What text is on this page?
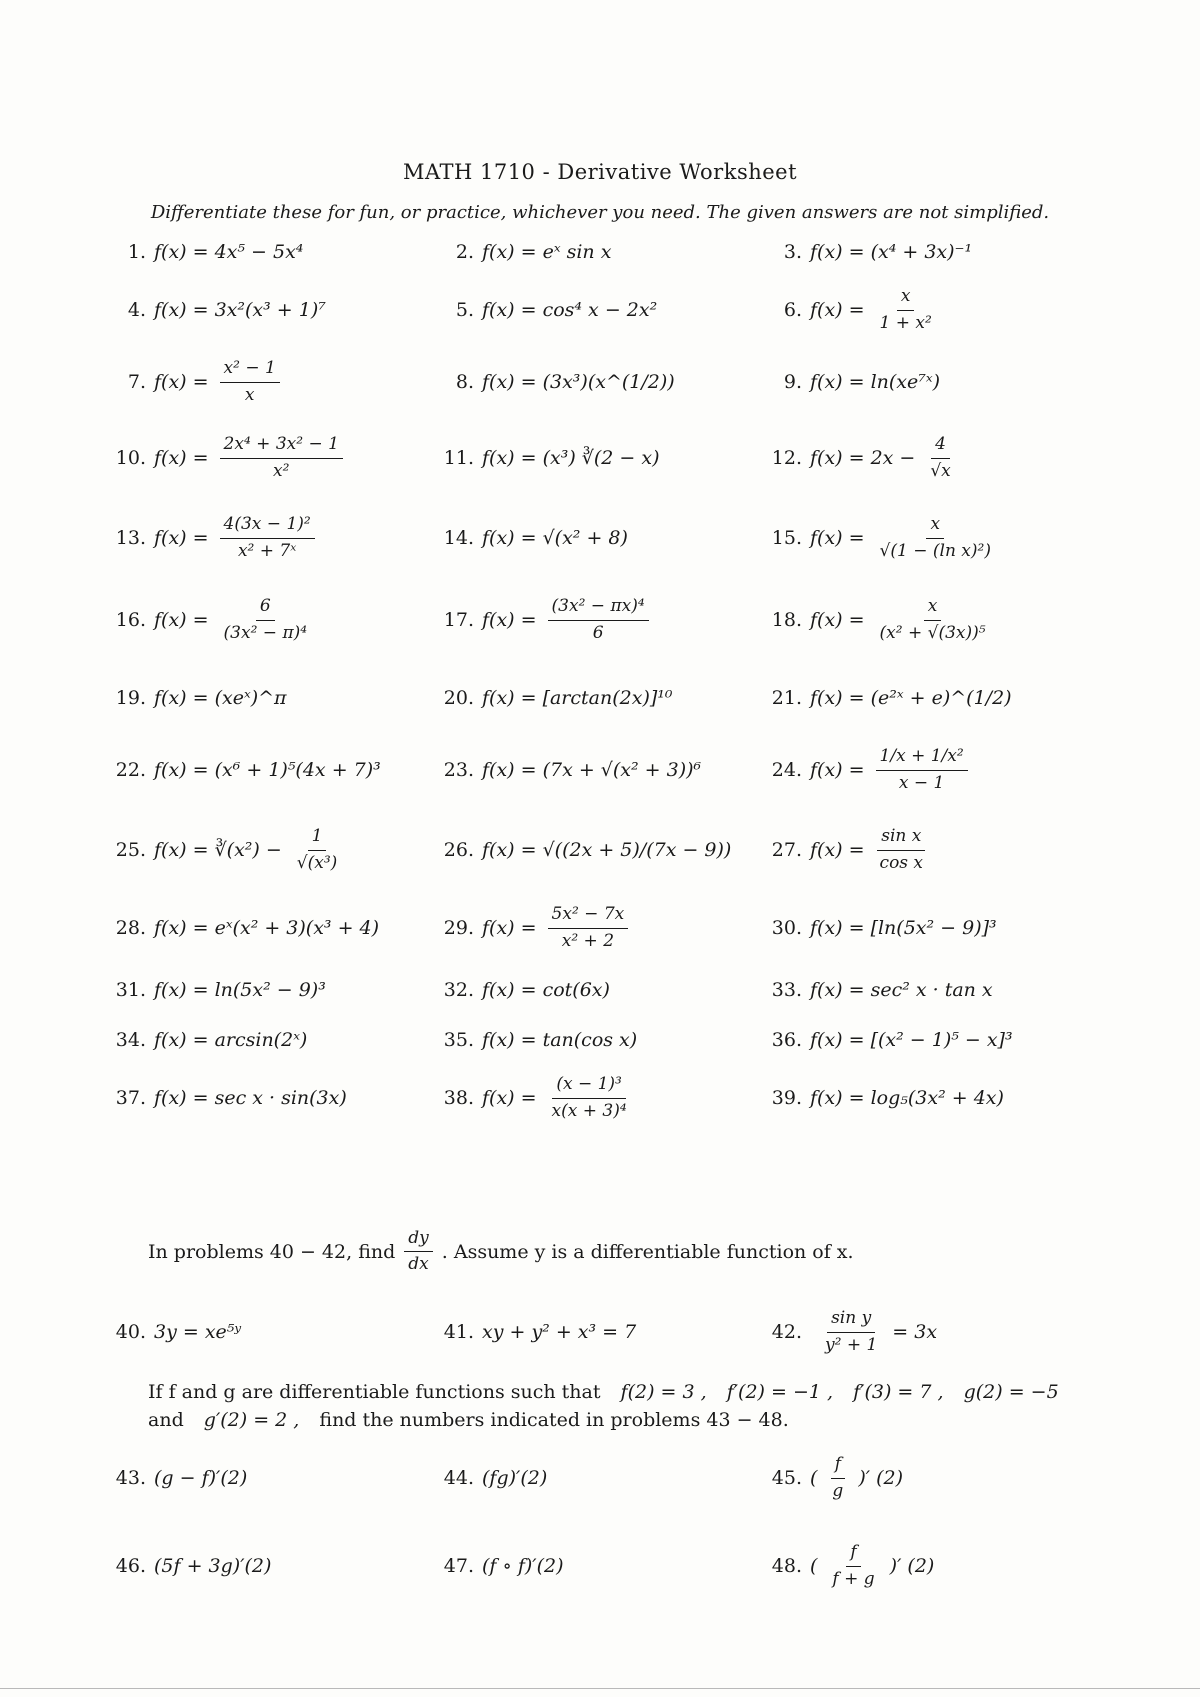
MATH 1710 - Derivative Worksheet
Differentiate these for fun, or practice, whichever you need. The given answers are not simplified.
1. f(x) = 4x⁵ − 5x⁴	2. f(x) = eˣ sin x	3. f(x) = (x⁴ + 3x)⁻¹
4. f(x) = 3x²(x³ + 1)⁷	5. f(x) = cos⁴ x − 2x²	6. $f(x) = \frac{x}{\text{1 + x²}}$
7. $f(x) = \frac{\text{x² − 1}}{x}$	8. f(x) = (3x³)(x^(1/2))	9. f(x) = ln(xe⁷ˣ)
10. $f(x) = \frac{\text{2x⁴ + 3x² − 1}}{\text{x²}}$	11. f(x) = (x³) ∛(2 − x)	12. $f(x) = 2x - \frac{4}{√x}$
13. $f(x) = \frac{\text{4(3x − 1)²}}{\text{x² + 7ˣ}}$	14. f(x) = √(x² + 8)	15. $f(x) = \frac{x}{\text{√(1 − (ln x)²)}}$
16. $f(x) = \frac{6}{\text{(3x² − π)⁴}}$	17. $f(x) = \frac{\text{(3x² − πx)⁴}}{6}$	18. $f(x) = \frac{x}{\text{(x² + √(3x))⁵}}$
19. f(x) = (xeˣ)^π	20. f(x) = [arctan(2x)]¹⁰	21. f(x) = (e²ˣ + e)^(1/2)
22. f(x) = (x⁶ + 1)⁵(4x + 7)³	23. f(x) = (7x + √(x² + 3))⁶	24. $f(x) = \frac{\text{1/x + 1/x²}}{x - 1}$
25. f(x) = ∛(x²) − $\frac{1}{\text{√(x³)}}$	26. f(x) = √((2x + 5)/(7x − 9)) 27. $f(x) = \frac{\text{sin x}}{\text{cos x}}$
28. f(x) = eˣ(x² + 3)(x³ + 4)	29. $f(x) = \frac{\text{5x² − 7x}}{\text{x² + 2}}$	30. f(x) = [ln(5x² − 9)]³
31. f(x) = ln(5x² − 9)³	32. f(x) = cot(6x)	33. f(x) = sec² x · tan x
34. f(x) = arcsin(2ˣ)	35. f(x) = tan(cos x)	36. f(x) = [(x² − 1)⁵ − x]³
37. f(x) = sec x · sin(3x)	38. $f(x) = \frac{\text{(x − 1)³}}{\text{x(x + 3)⁴}}$	39. f(x) = log₅(3x² + 4x)
40. 3y = xe⁵ʸ	41. xy + y² + x³ = 7	42. $\frac{\text{sin y}}{\text{y² + 1}} = 3x$
43. (g − f)′(2)	44. (fg)′(2)	45. ( $\frac{f}{g}$ )′ (2)
46. (5f + 3g)′(2)	47. (f ∘ f)′(2)	48. ( $\frac{f}{f + g}$ )′ (2)
In problems 40 − 42, find $\frac{dy}{dx}$ . Assume y is a differentiable function of x.
If f and g are differentiable functions such that f(2) = 3 , f′(2) = −1 , f′(3) = 7 , g(2) = −5
and g′(2) = 2 , find the numbers indicated in problems 43 − 48.
